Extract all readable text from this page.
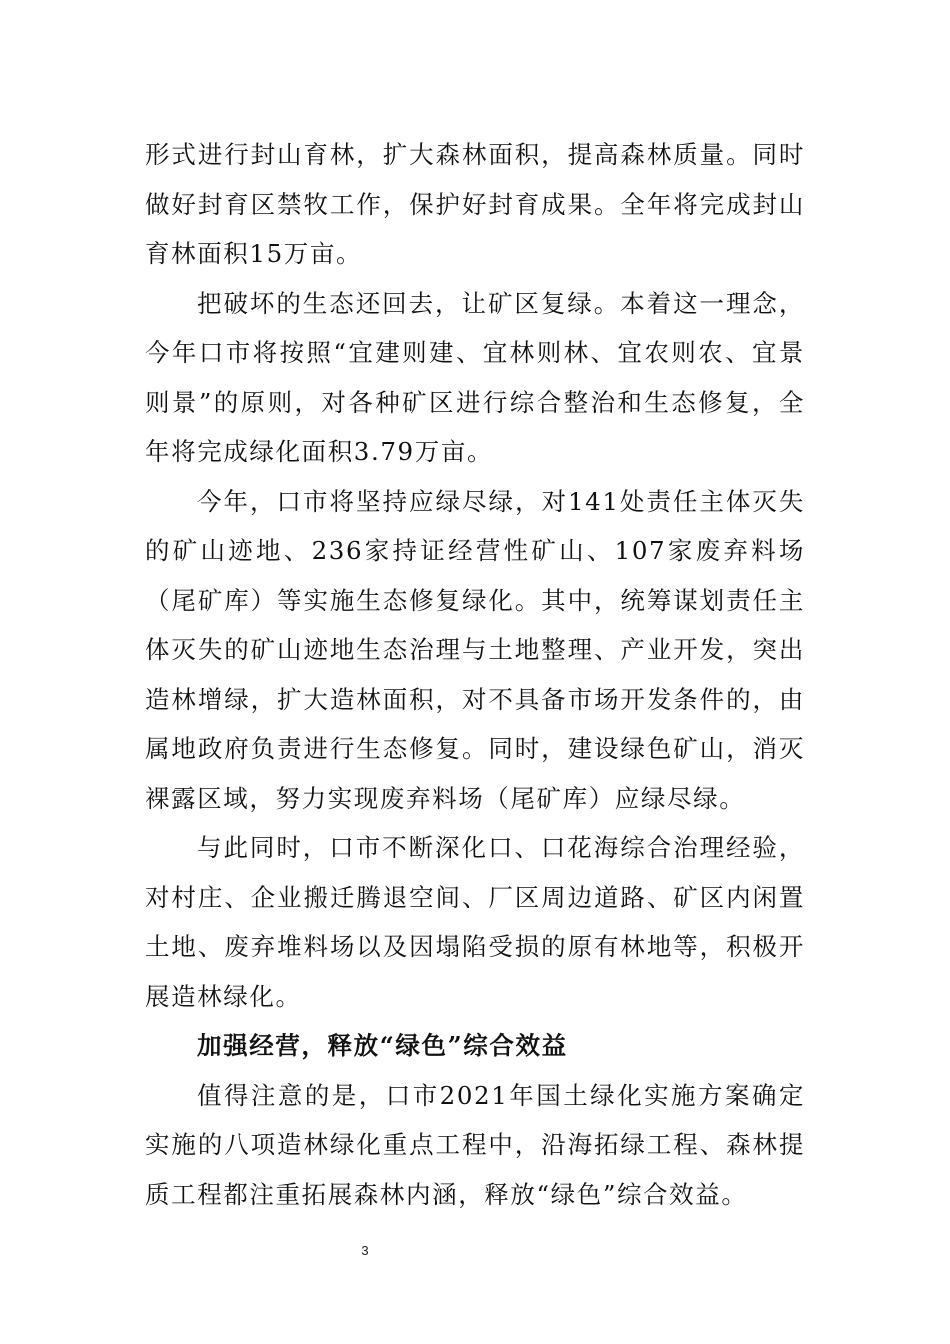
形式进行封山育林，扩大森林面积，提高森林质量。同时做好封育区禁牧工作，保护好封育成果。全年将完成封山育林面积15万亩。

把破坏的生态还回去，让矿区复绿。本着这一理念，今年口市将按照“宜建则建、宜林则林、宜农则农、宜景则景”的原则，对各种矿区进行综合整治和生态修复，全年将完成绿化面积3.79万亩。

今年，口市将坚持应绿尽绿，对141处责任主体灭失的矿山迹地、236家持证经营性矿山、107家废弃料场（尾矿库）等实施生态修复绿化。其中，统筹谋划责任主体灭失的矿山迹地生态治理与土地整理、产业开发，突出造林增绿，扩大造林面积，对不具备市场开发条件的，由属地政府负责进行生态修复。同时，建设绿色矿山，消灭裸露区域，努力实现废弃料场（尾矿库）应绿尽绿。

与此同时，口市不断深化口、口花海综合治理经验，对村庄、企业搬迁腾退空间、厂区周边道路、矿区内闲置土地、废弃堆料场以及因塌陷受损的原有林地等，积极开展造林绿化。

加强经营，释放“绿色”综合效益

值得注意的是，口市2021年国土绿化实施方案确定实施的八项造林绿化重点工程中，沿海拓绿工程、森林提质工程都注重拓展森林内涵，释放“绿色”综合效益。

3
